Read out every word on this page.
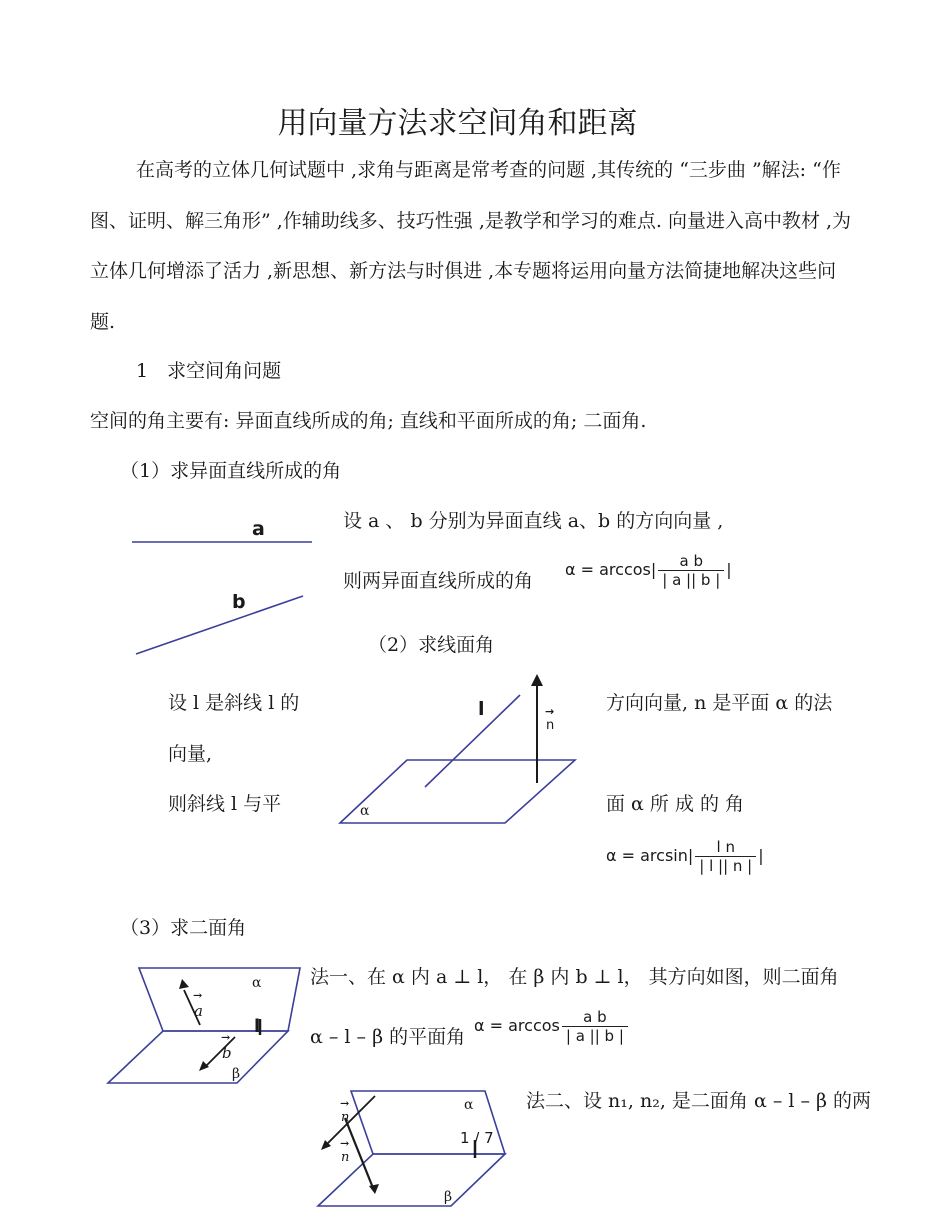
用向量方法求空间角和距离
在高考的立体几何试题中 ,求角与距离是常考查的问题 ,其传统的 “三步曲 ”解法: “作图、证明、解三角形” ,作辅助线多、技巧性强 ,是教学和学习的难点. 向量进入高中教材 ,为立体几何增添了活力 ,新思想、新方法与时俱进 ,本专题将运用向量方法简捷地解决这些问题.
1　求空间角问题
空间的角主要有: 异面直线所成的角; 直线和平面所成的角; 二面角.
（1）求异面直线所成的角
a
b
设 a 、 b 分别为异面直线 a、b 的方向向量 ,
则两异面直线所成的角
$\alpha = \arccos| \frac{\text{a b}}{| a || b |}$ |
（2）求线面角
设 l 是斜线 l 的
向量,
则斜线 l 与平
方向向量, n 是平面 α 的法
面 α 所 成 的 角
l
→ n
α
$\alpha = \arcsin| \frac{\text{l n}}{| l || n |}$ |
（3）求二面角
法一、在 α 内 a ⊥ l， 在 β 内 b ⊥ l， 其方向如图，则二面角
α – l – β 的平面角
$\alpha = \arccos \frac{\text{a b}}{| a || b |}$
α
β
→ a
→ b
l
法二、设 n₁, n₂, 是二面角 α – l – β 的两
α
β
→ n
→ n
1 / 7
